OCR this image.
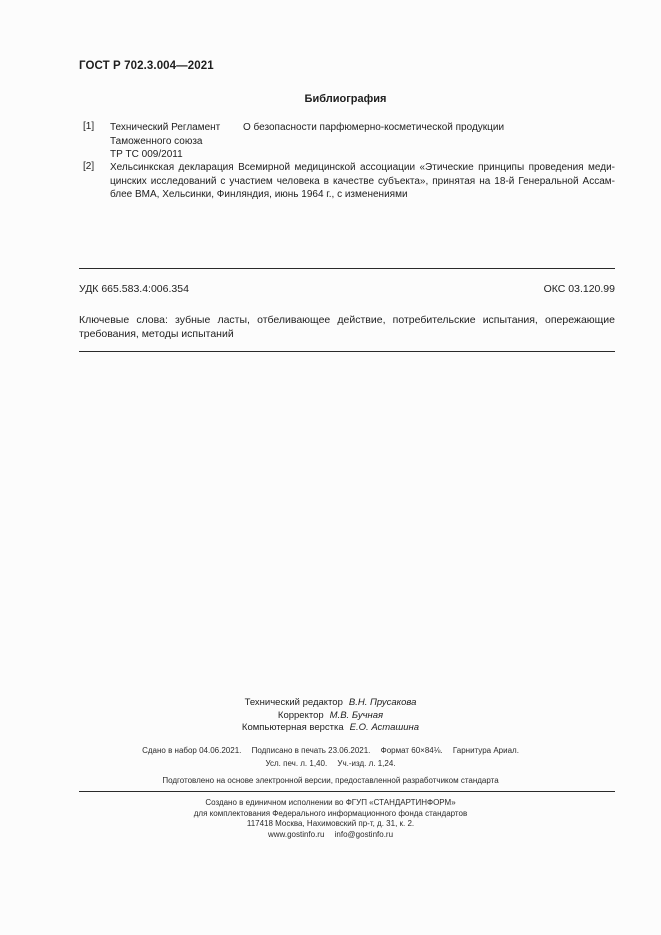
ГОСТ Р 702.3.004—2021
Библиография
[1] Технический Регламент
Таможенного союза
ТР ТС 009/2011
О безопасности парфюмерно-косметической продукции
[2] Хельсинкская декларация Всемирной медицинской ассоциации «Этические принципы проведения меди-цинских исследований с участием человека в качестве субъекта», принятая на 18-й Генеральной Ассам-блее ВМА, Хельсинки, Финляндия, июнь 1964 г., с изменениями
УДК 665.583.4:006.354	ОКС 03.120.99
Ключевые слова: зубные ласты, отбеливающее действие, потребительские испытания, опережающие требования, методы испытаний
Технический редактор В.Н. Прусакова
Корректор М.В. Бучная
Компьютерная верстка Е.О. Асташина
Сдано в набор 04.06.2021. Подписано в печать 23.06.2021. Формат 60×84⅛. Гарнитура Ариал.
Усл. печ. л. 1,40. Уч.-изд. л. 1,24.
Подготовлено на основе электронной версии, предоставленной разработчиком стандарта
Создано в единичном исполнении во ФГУП «СТАНДАРТИНФОРМ»
для комплектования Федерального информационного фонда стандартов
117418 Москва, Нахимовский пр-т, д. 31, к. 2.
www.gostinfo.ru info@gostinfo.ru
